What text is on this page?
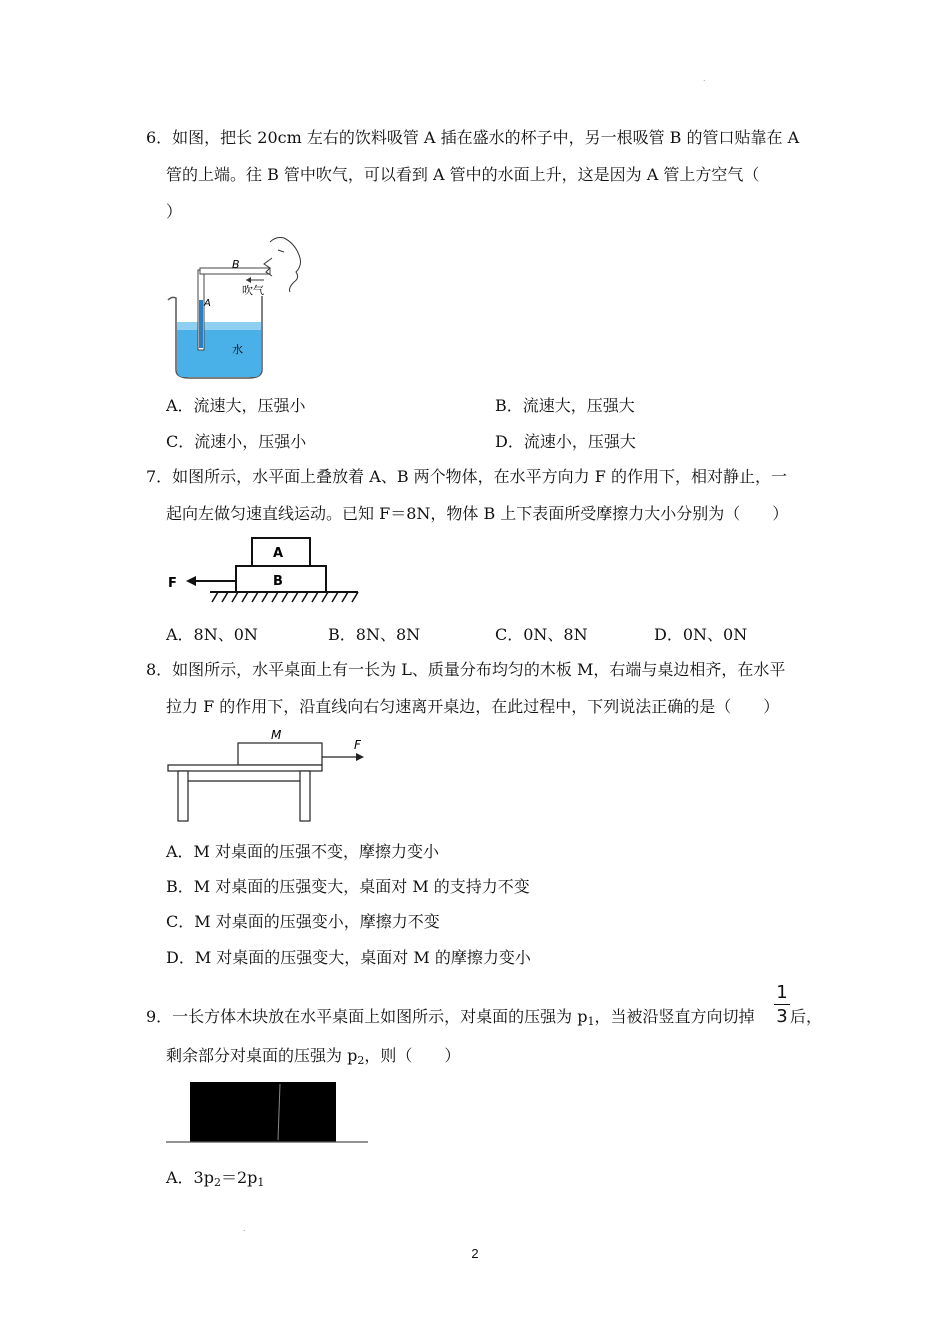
.
6．如图，把长 20cm 左右的饮料吸管 A 插在盛水的杯子中，另一根吸管 B 的管口贴靠在 A
管的上端。往 B 管中吹气，可以看到 A 管中的水面上升，这是因为 A 管上方空气（
）
B
A
吹气
水
A．流速大，压强小	B．流速大，压强大
C．流速小，压强小	D．流速小，压强大
7．如图所示，水平面上叠放着 A、B 两个物体，在水平方向力 F 的作用下，相对静止，一
起向左做匀速直线运动。已知 F＝8N，物体 B 上下表面所受摩擦力大小分别为（　　）
A
B
F
A．8N、0N	B．8N、8N	C．0N、8N	D．0N、0N
8．如图所示，水平桌面上有一长为 L、质量分布均匀的木板 M，右端与桌边相齐，在水平
拉力 F 的作用下，沿直线向右匀速离开桌边，在此过程中，下列说法正确的是（　　）
M
F
A．M 对桌面的压强不变，摩擦力变小
B．M 对桌面的压强变大，桌面对 M 的支持力不变
C．M 对桌面的压强变小，摩擦力不变
D．M 对桌面的压强变大，桌面对 M 的摩擦力变小
9．一长方体木块放在水平桌面上如图所示，对桌面的压强为 $p_1$，当被沿竖直方向切掉
1
3 后，
剩余部分对桌面的压强为 $p_2$，则（　　）
A．$3p_2=2p_1$
.
2
